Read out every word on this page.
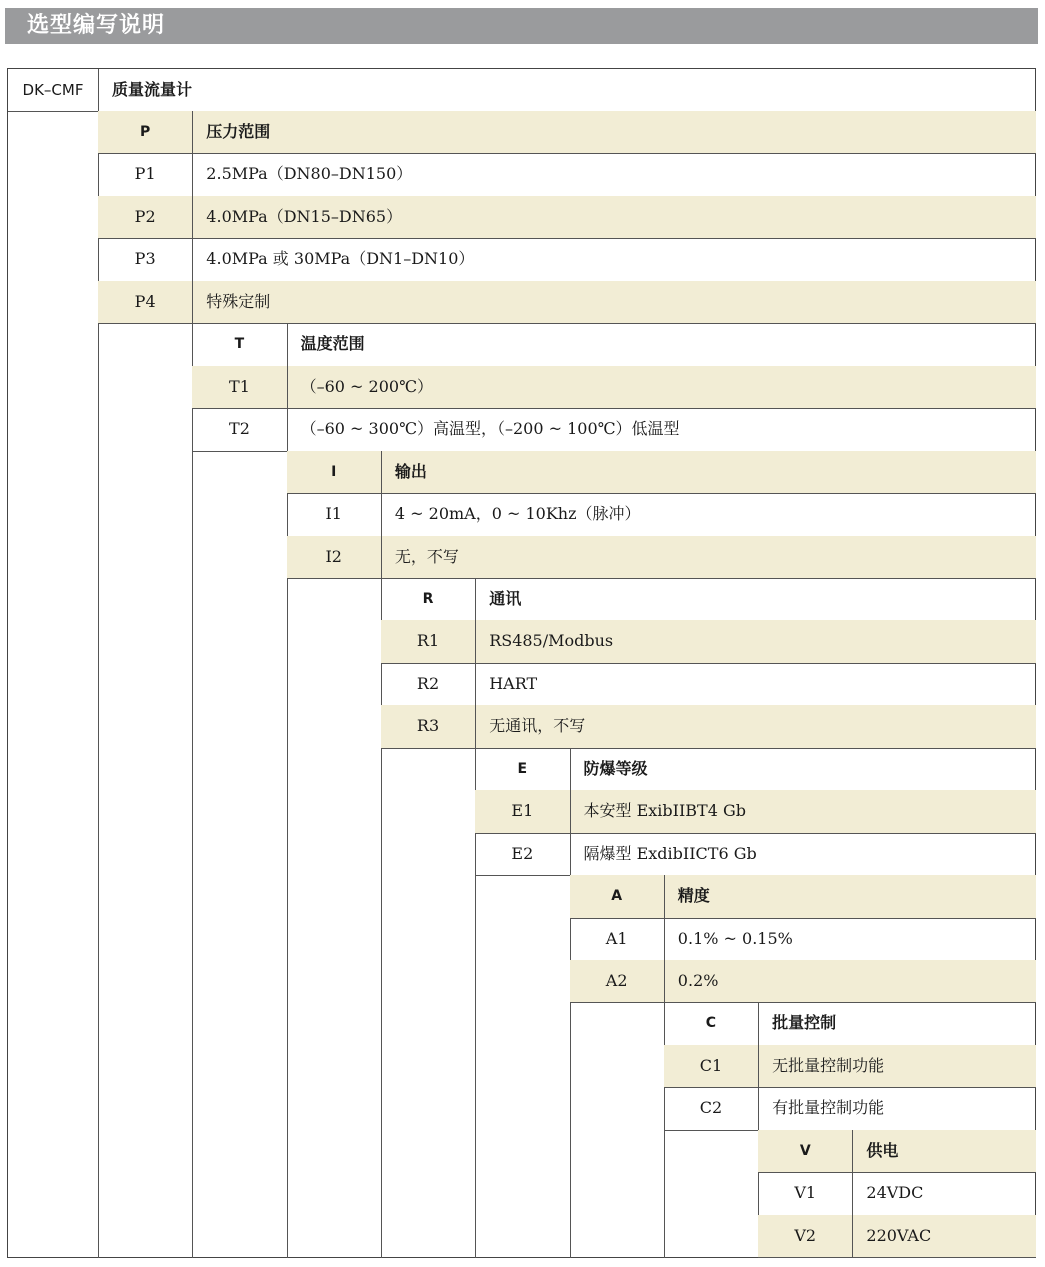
选型编写说明
DK–CMF	质量流量计
P	压力范围
P1	2.5MPa（DN80–DN150）
P2	4.0MPa（DN15–DN65）
P3	4.0MPa 或 30MPa（DN1–DN10）
P4	特殊定制
T	温度范围
T1	（–60 ~ 200℃）
T2	（–60 ~ 300℃）高温型，（–200 ~ 100℃）低温型
I	输出
I1	4 ~ 20mA，0 ~ 10Khz（脉冲）
I2	无，不写
R	通讯
R1	RS485/Modbus
R2	HART
R3	无通讯，不写
E	防爆等级
E1	本安型 ExibIIBT4 Gb
E2	隔爆型 ExdibIICT6 Gb
A	精度
A1	0.1% ~ 0.15%
A2	0.2%
C	批量控制
C1	无批量控制功能
C2	有批量控制功能
V	供电
V1	24VDC
V2	220VAC
